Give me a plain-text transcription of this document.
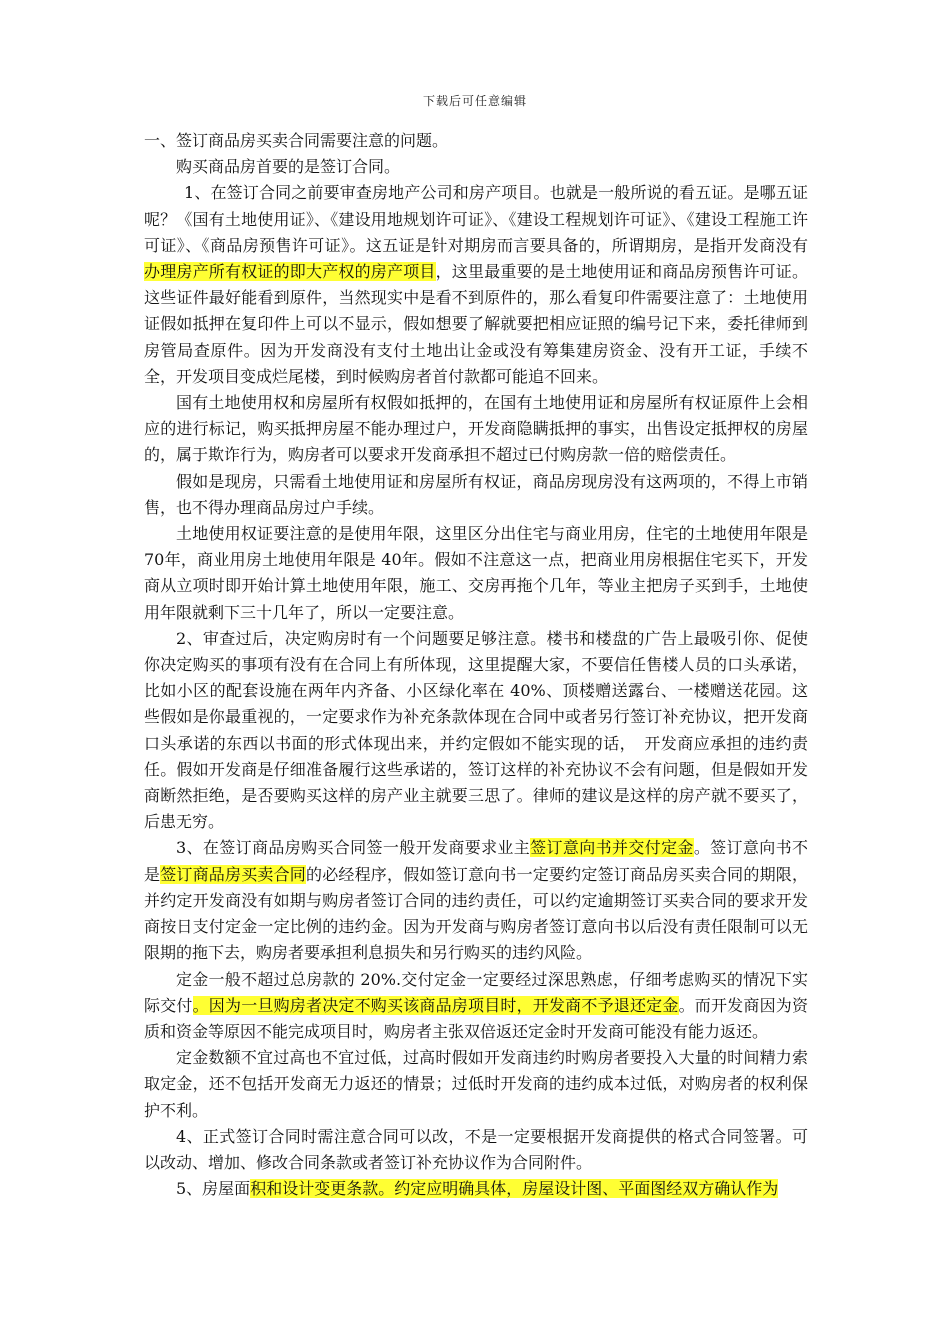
下载后可任意编辑

一、签订商品房买卖合同需要注意的问题。

购买商品房首要的是签订合同。

1、在签订合同之前要审查房地产公司和房产项目。也就是一般所说的看五证。是哪五证呢？《国有土地使用证》、《建设用地规划许可证》、《建设工程规划许可证》、《建设工程施工许可证》、《商品房预售许可证》。这五证是针对期房而言要具备的，所谓期房，是指开发商没有办理房产所有权证的即大产权的房产项目，这里最重要的是土地使用证和商品房预售许可证。这些证件最好能看到原件，当然现实中是看不到原件的，那么看复印件需要注意了：土地使用证假如抵押在复印件上可以不显示，假如想要了解就要把相应证照的编号记下来，委托律师到房管局查原件。因为开发商没有支付土地出让金或没有筹集建房资金、没有开工证，手续不全，开发项目变成烂尾楼，到时候购房者首付款都可能追不回来。

国有土地使用权和房屋所有权假如抵押的，在国有土地使用证和房屋所有权证原件上会相应的进行标记，购买抵押房屋不能办理过户，开发商隐瞒抵押的事实，出售设定抵押权的房屋的，属于欺诈行为，购房者可以要求开发商承担不超过已付购房款一倍的赔偿责任。

假如是现房，只需看土地使用证和房屋所有权证，商品房现房没有这两项的，不得上市销售，也不得办理商品房过户手续。

土地使用权证要注意的是使用年限，这里区分出住宅与商业用房，住宅的土地使用年限是 70年，商业用房土地使用年限是 40年。假如不注意这一点，把商业用房根据住宅买下，开发商从立项时即开始计算土地使用年限，施工、交房再拖个几年，等业主把房子买到手，土地使用年限就剩下三十几年了，所以一定要注意。

2、审查过后，决定购房时有一个问题要足够注意。楼书和楼盘的广告上最吸引你、促使你决定购买的事项有没有在合同上有所体现，这里提醒大家，不要信任售楼人员的口头承诺，比如小区的配套设施在两年内齐备、小区绿化率在 40%、顶楼赠送露台、一楼赠送花园。这些假如是你最重视的，一定要求作为补充条款体现在合同中或者另行签订补充协议，把开发商口头承诺的东西以书面的形式体现出来，并约定假如不能实现的话，　开发商应承担的违约责任。假如开发商是仔细准备履行这些承诺的，签订这样的补充协议不会有问题，但是假如开发商断然拒绝，是否要购买这样的房产业主就要三思了。律师的建议是这样的房产就不要买了，后患无穷。

3、在签订商品房购买合同签一般开发商要求业主签订意向书并交付定金。签订意向书不是签订商品房买卖合同的必经程序，假如签订意向书一定要约定签订商品房买卖合同的期限，并约定开发商没有如期与购房者签订合同的违约责任，可以约定逾期签订买卖合同的要求开发商按日支付定金一定比例的违约金。因为开发商与购房者签订意向书以后没有责任限制可以无限期的拖下去，购房者要承担利息损失和另行购买的违约风险。

定金一般不超过总房款的 20%.交付定金一定要经过深思熟虑，仔细考虑购买的情况下实际交付。因为一旦购房者决定不购买该商品房项目时，开发商不予退还定金。而开发商因为资质和资金等原因不能完成项目时，购房者主张双倍返还定金时开发商可能没有能力返还。

定金数额不宜过高也不宜过低，过高时假如开发商违约时购房者要投入大量的时间精力索取定金，还不包括开发商无力返还的情景；过低时开发商的违约成本过低，对购房者的权利保护不利。

4、正式签订合同时需注意合同可以改，不是一定要根据开发商提供的格式合同签署。可以改动、增加、修改合同条款或者签订补充协议作为合同附件。

5、房屋面积和设计变更条款。约定应明确具体，房屋设计图、平面图经双方确认作为
